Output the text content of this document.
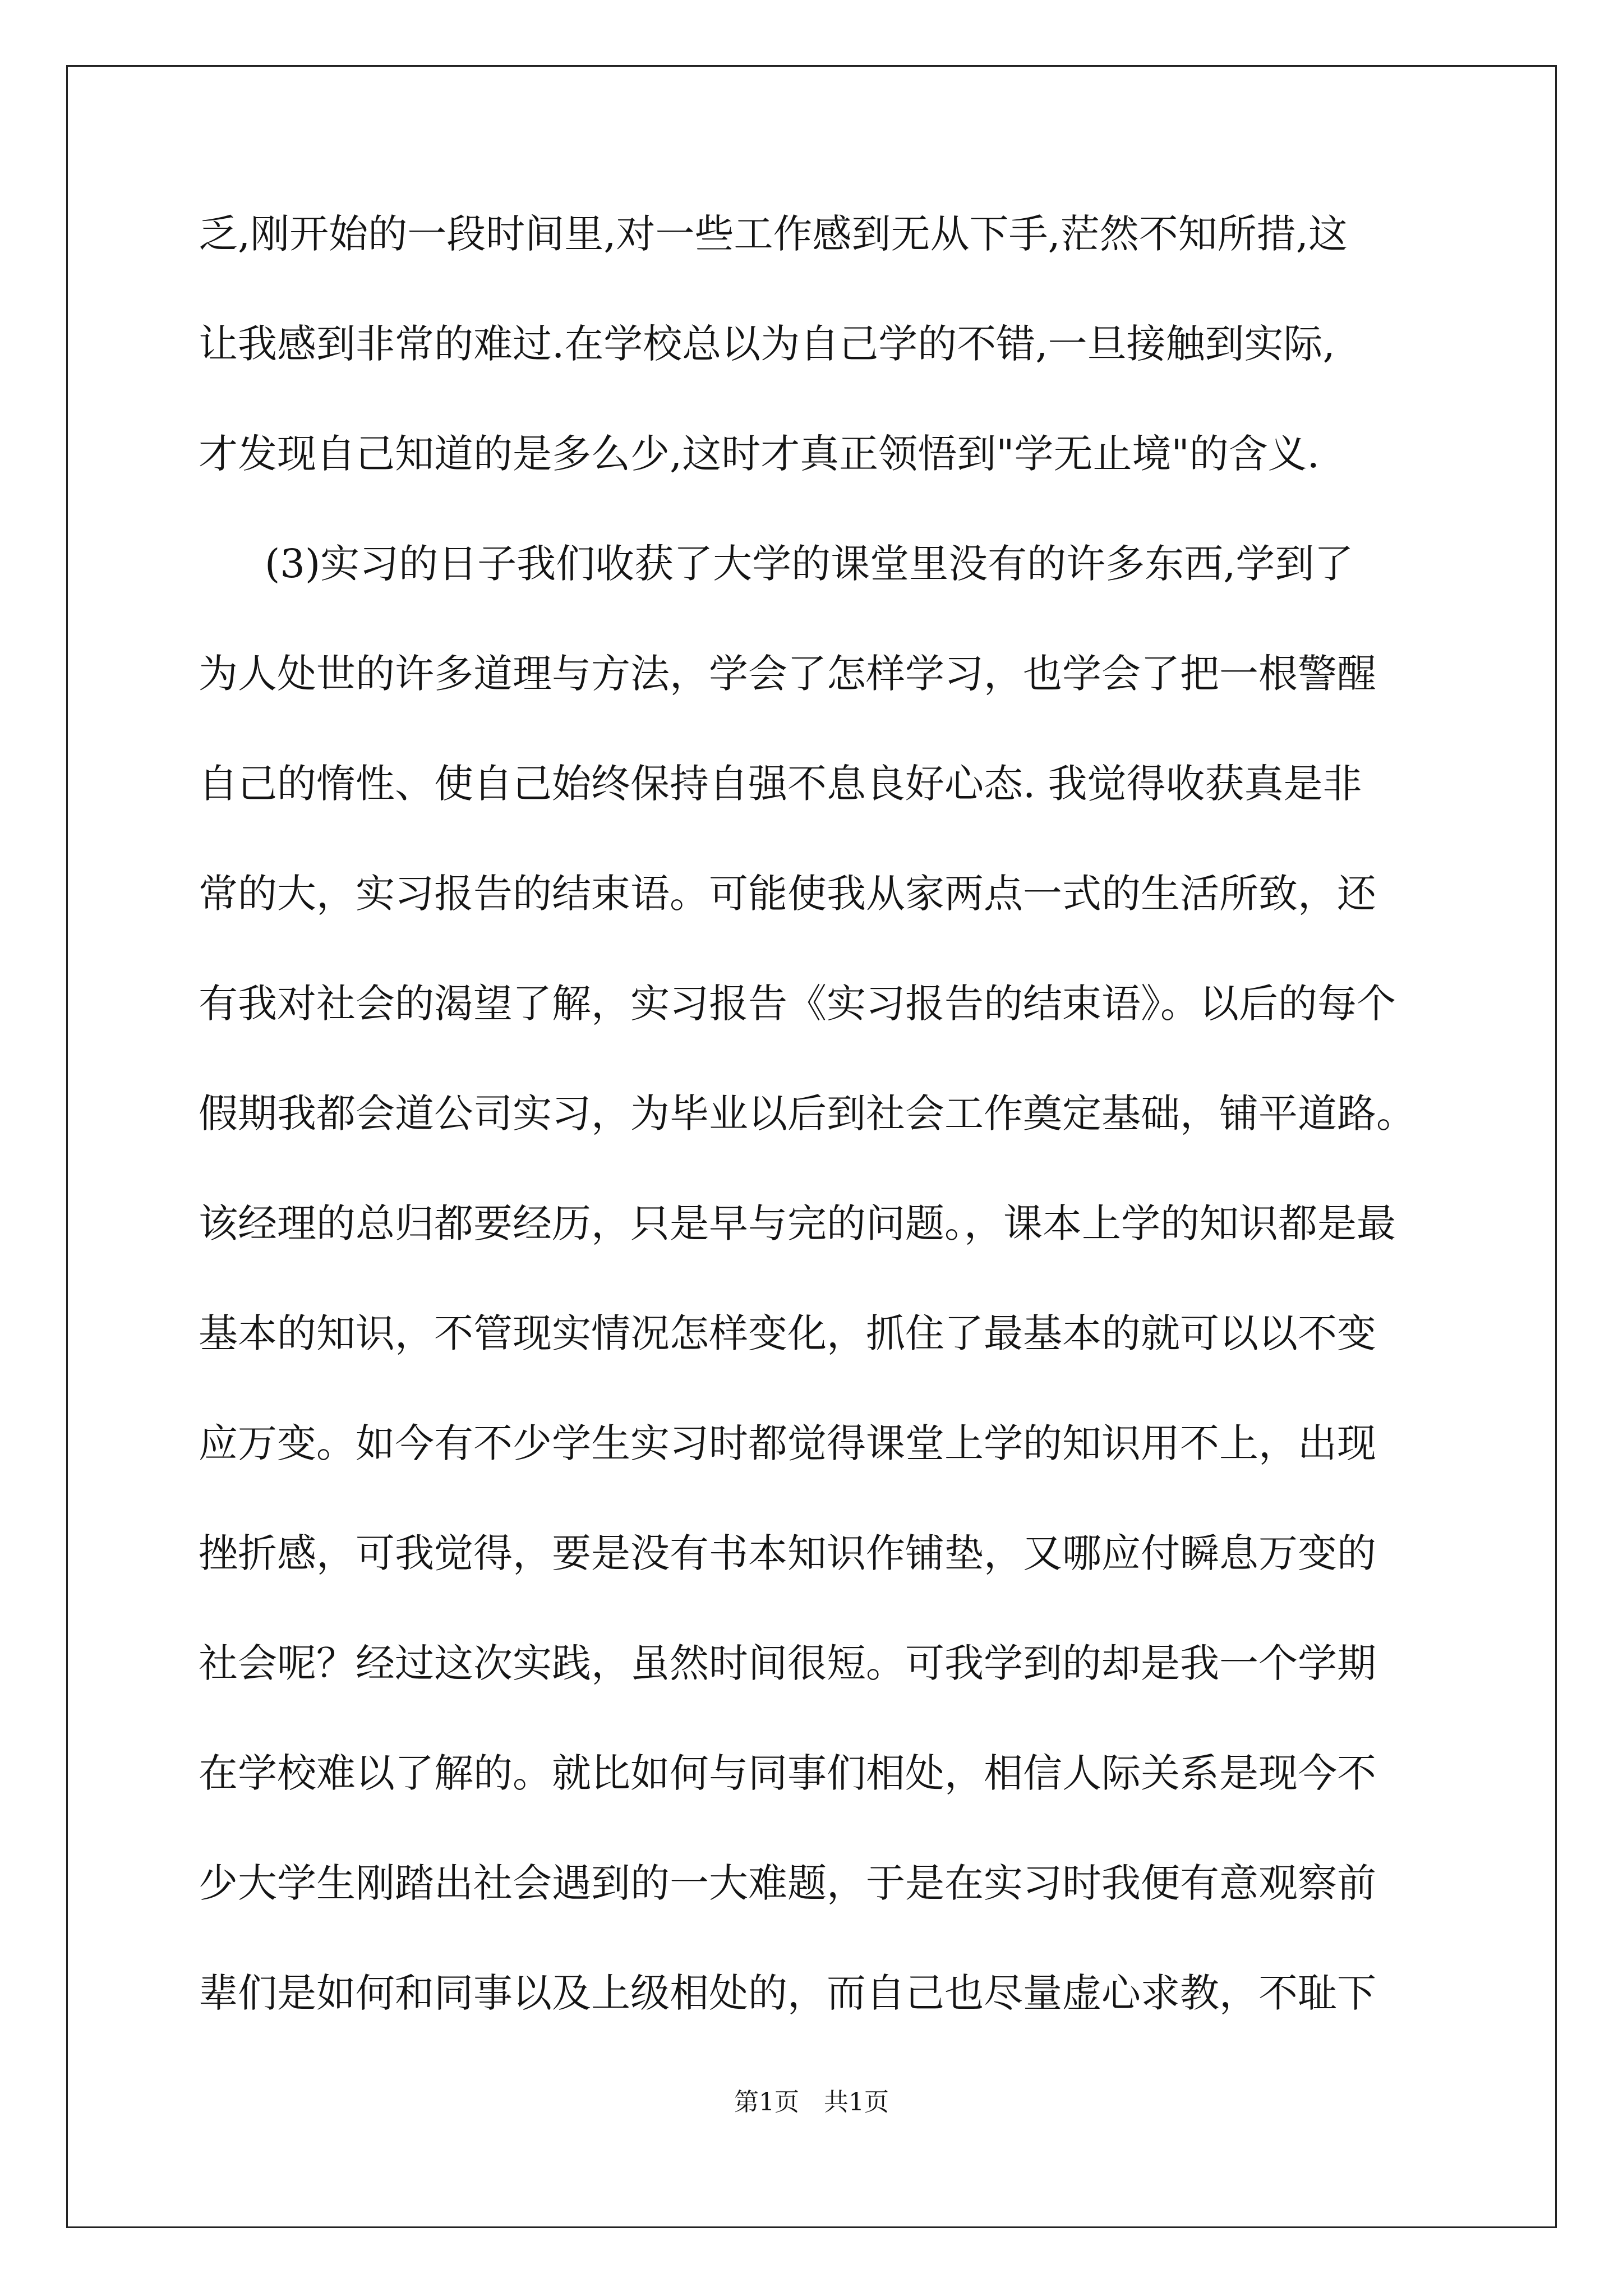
乏,刚开始的一段时间里,对一些工作感到无从下手,茫然不知所措,这
让我感到非常的难过.在学校总以为自己学的不错,一旦接触到实际,
才发现自己知道的是多么少,这时才真正领悟到"学无止境"的含义.
(3)实习的日子我们收获了大学的课堂里没有的许多东西,学到了
为人处世的许多道理与方法，学会了怎样学习，也学会了把一根警醒
自己的惰性、使自己始终保持自强不息良好心态. 我觉得收获真是非
常的大，实习报告的结束语。可能使我从家两点一式的生活所致，还
有我对社会的渴望了解，实习报告《实习报告的结束语》。以后的每个
假期我都会道公司实习，为毕业以后到社会工作奠定基础，铺平道路。
该经理的总归都要经历，只是早与完的问题。，课本上学的知识都是最
基本的知识，不管现实情况怎样变化，抓住了最基本的就可以以不变
应万变。如今有不少学生实习时都觉得课堂上学的知识用不上，出现
挫折感，可我觉得，要是没有书本知识作铺垫，又哪应付瞬息万变的
社会呢？经过这次实践，虽然时间很短。可我学到的却是我一个学期
在学校难以了解的。就比如何与同事们相处，相信人际关系是现今不
少大学生刚踏出社会遇到的一大难题，于是在实习时我便有意观察前
辈们是如何和同事以及上级相处的，而自己也尽量虚心求教，不耻下
第1页　共1页
